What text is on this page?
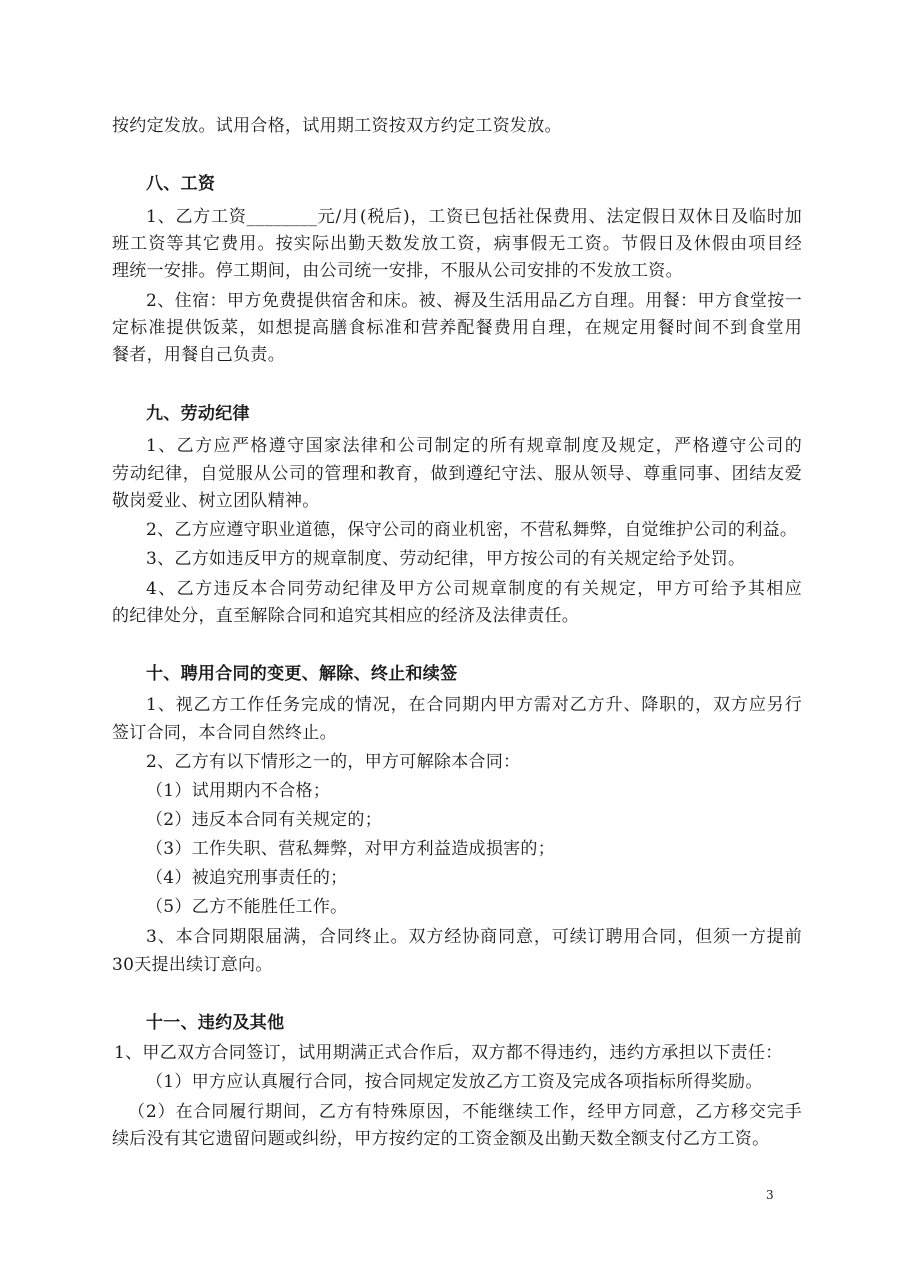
按约定发放。试用合格，试用期工资按双方约定工资发放。
八、工资
1、乙方工资________元/月(税后)，工资已包括社保费用、法定假日双休日及临时加
班工资等其它费用。按实际出勤天数发放工资，病事假无工资。节假日及休假由项目经
理统一安排。停工期间，由公司统一安排，不服从公司安排的不发放工资。
2、住宿：甲方免费提供宿舍和床。被、褥及生活用品乙方自理。用餐：甲方食堂按一
定标准提供饭菜，如想提高膳食标准和营养配餐费用自理，在规定用餐时间不到食堂用
餐者，用餐自己负责。
九、劳动纪律
1、乙方应严格遵守国家法律和公司制定的所有规章制度及规定，严格遵守公司的
劳动纪律，自觉服从公司的管理和教育，做到遵纪守法、服从领导、尊重同事、团结友爱
敬岗爱业、树立团队精神。
2、乙方应遵守职业道德，保守公司的商业机密，不营私舞弊，自觉维护公司的利益。
3、乙方如违反甲方的规章制度、劳动纪律，甲方按公司的有关规定给予处罚。
4、乙方违反本合同劳动纪律及甲方公司规章制度的有关规定，甲方可给予其相应
的纪律处分，直至解除合同和追究其相应的经济及法律责任。
十、聘用合同的变更、解除、终止和续签
1、视乙方工作任务完成的情况，在合同期内甲方需对乙方升、降职的，双方应另行
签订合同，本合同自然终止。
2、乙方有以下情形之一的，甲方可解除本合同：
（1）试用期内不合格；
（2）违反本合同有关规定的；
（3）工作失职、营私舞弊，对甲方利益造成损害的；
（4）被追究刑事责任的；
（5）乙方不能胜任工作。
3、本合同期限届满，合同终止。双方经协商同意，可续订聘用合同，但须一方提前
30天提出续订意向。
十一、违约及其他
1、甲乙双方合同签订，试用期满正式合作后，双方都不得违约，违约方承担以下责任：
（1）甲方应认真履行合同，按合同规定发放乙方工资及完成各项指标所得奖励。
（2）在合同履行期间，乙方有特殊原因，不能继续工作，经甲方同意，乙方移交完手
续后没有其它遗留问题或纠纷，甲方按约定的工资金额及出勤天数全额支付乙方工资。
3
